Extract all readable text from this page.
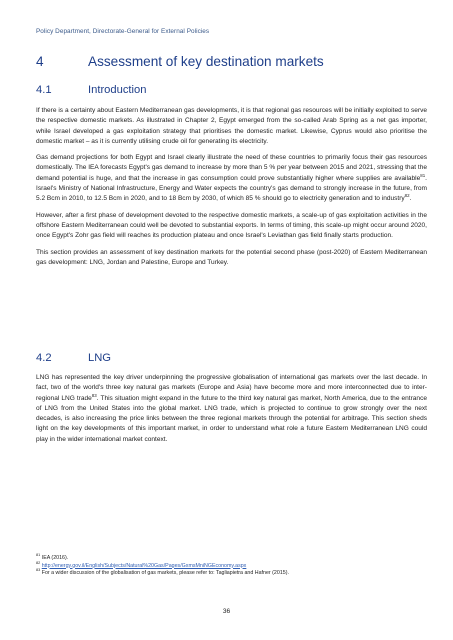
Policy Department, Directorate-General for External Policies
4	Assessment of key destination markets
4.1	Introduction

If there is a certainty about Eastern Mediterranean gas developments, it is that regional gas resources will be initially exploited to serve the respective domestic markets. As illustrated in Chapter 2, Egypt emerged from the so-called Arab Spring as a net gas importer, while Israel developed a gas exploitation strategy that prioritises the domestic market. Likewise, Cyprus would also prioritise the domestic market – as it is currently utilising crude oil for generating its electricity.

Gas demand projections for both Egypt and Israel clearly illustrate the need of these countries to primarily focus their gas resources domestically. The IEA forecasts Egypt's gas demand to increase by more than 5 % per year between 2015 and 2021, stressing that the demand potential is huge, and that the increase in gas consumption could prove substantially higher where supplies are available$^{81}$. Israel's Ministry of National Infrastructure, Energy and Water expects the country's gas demand to strongly increase in the future, from 5.2 Bcm in 2010, to 12.5 Bcm in 2020, and to 18 Bcm by 2030, of which 85 % should go to electricity generation and to industry$^{82}$.

However, after a first phase of development devoted to the respective domestic markets, a scale-up of gas exploitation activities in the offshore Eastern Mediterranean could well be devoted to substantial exports. In terms of timing, this scale-up might occur around 2020, once Egypt's Zohr gas field will reaches its production plateau and once Israel's Leviathan gas field finally starts production.

This section provides an assessment of key destination markets for the potential second phase (post-2020) of Eastern Mediterranean gas development: LNG, Jordan and Palestine, Europe and Turkey.

4.2	LNG

LNG has represented the key driver underpinning the progressive globalisation of international gas markets over the last decade. In fact, two of the world's three key natural gas markets (Europe and Asia) have become more and more interconnected due to inter-regional LNG trade$^{83}$. This situation might expand in the future to the third key natural gas market, North America, due to the entrance of LNG from the United States into the global market. LNG trade, which is projected to continue to grow strongly over the next decades, is also increasing the price links between the three regional markets through the potential for arbitrage. This section sheds light on the key developments of this important market, in order to understand what role a future Eastern Mediterranean LNG could play in the wider international market context.

$^{81}$ IEA (2016).
$^{82}$ http://energy.gov.il/English/Subjects/Natural%20Gas/Pages/GxmsMniNGEconomy.aspx
$^{83}$ For a wider discussion of the globalisation of gas markets, please refer to: Tagliapietra and Hafner (2015).
36
